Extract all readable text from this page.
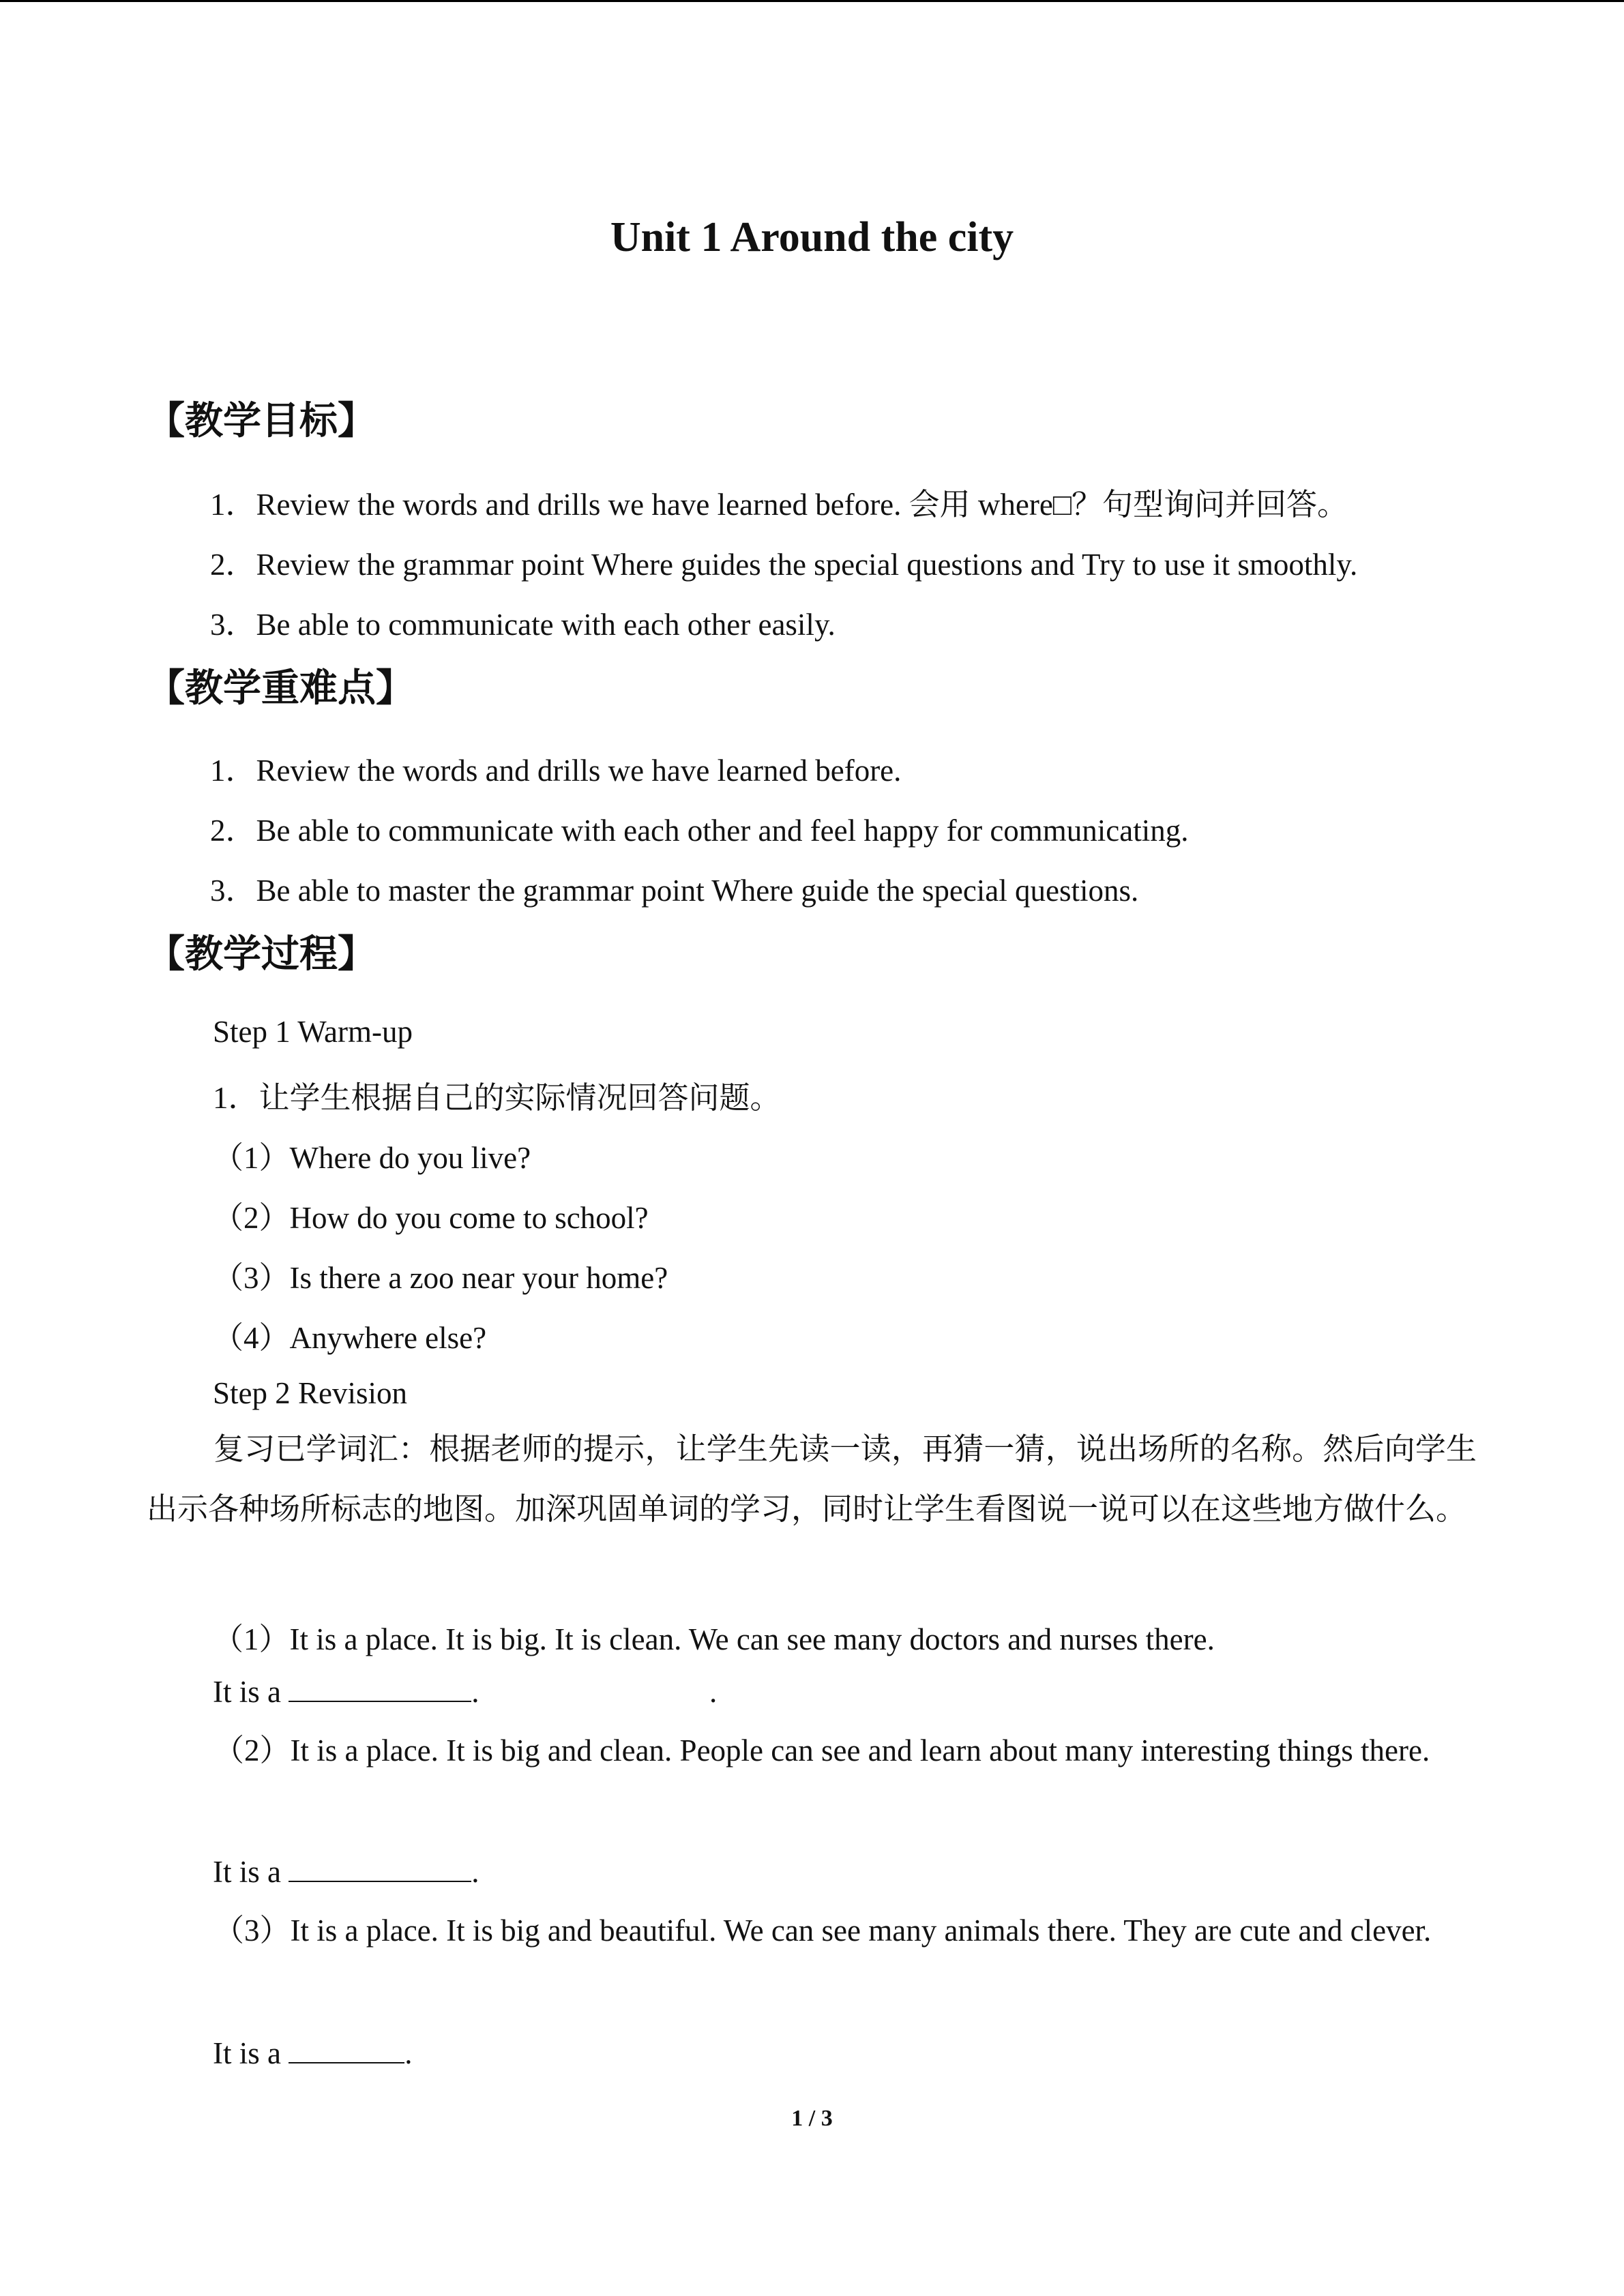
Unit 1 Around the city
【教学目标】
1．Review the words and drills we have learned before. 会用 where□？句型询问并回答。
2．Review the grammar point Where guides the special questions and Try to use it smoothly.
3．Be able to communicate with each other easily.
【教学重难点】
1．Review the words and drills we have learned before.
2．Be able to communicate with each other and feel happy for communicating.
3．Be able to master the grammar point Where guide the special questions.
【教学过程】
Step 1 Warm-up
1．让学生根据自己的实际情况回答问题。
（1）Where do you live?
（2）How do you come to school?
（3）Is there a zoo near your home?
（4）Anywhere else?
Step 2 Revision
复习已学词汇：根据老师的提示，让学生先读一读，再猜一猜，说出场所的名称。然后向学生出示各种场所标志的地图。加深巩固单词的学习，同时让学生看图说一说可以在这些地方做什么。
（1）It is a place. It is big. It is clean. We can see many doctors and nurses there.
It is a	.	.
（2）It is a place. It is big and clean. People can see and learn about many interesting things there.
It is a	.
（3）It is a place. It is big and beautiful. We can see many animals there. They are cute and clever.
It is a	.
1 / 3
